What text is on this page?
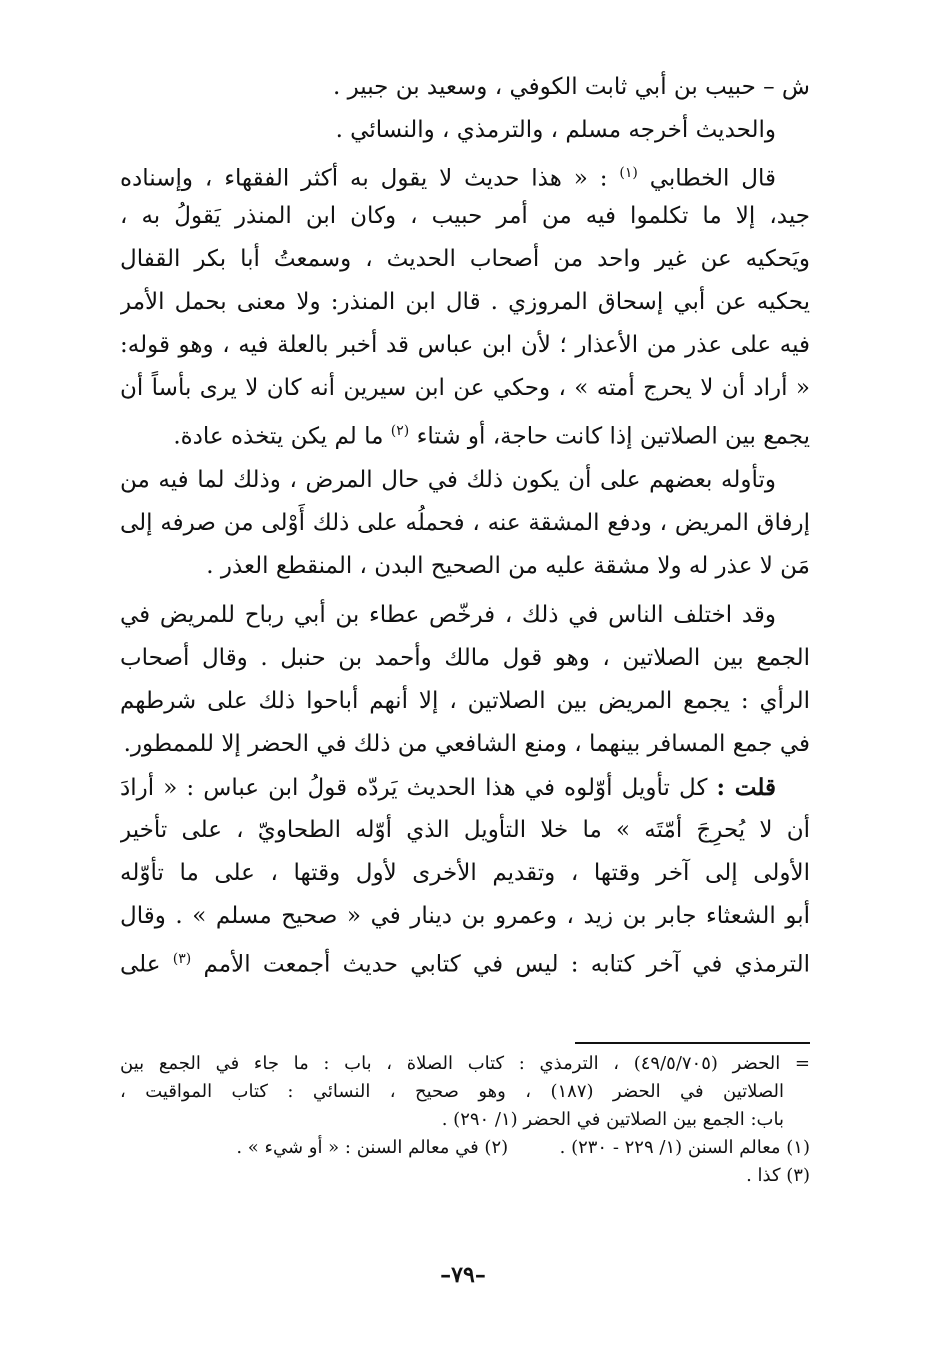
ش – حبيب بن أبي ثابت الكوفي ، وسعيد بن جبير .
والحديث أخرجه مسلم ، والترمذي ، والنسائي .
قال الخطابي $^{(١)}$ : « هذا حديث لا يقول به أكثر الفقهاء ، وإسناده
جيد، إلا ما تكلموا فيه من أمر حبيب ، وكان ابن المنذر يَقولُ به ،
ويَحكيه عن غير واحد من أصحاب الحديث ، وسمعتُ أبا بكر القفال
يحكيه عن أبي إسحاق المروزي . قال ابن المنذر: ولا معنى بحمل الأمر
فيه على عذر من الأعذار ؛ لأن ابن عباس قد أخبر بالعلة فيه ، وهو قوله:
« أراد أن لا يحرج أمته » ، وحكي عن ابن سيرين أنه كان لا يرى بأساً أن
يجمع بين الصلاتين إذا كانت حاجة، أو شتاء $^{(٢)}$ ما لم يكن يتخذه عادة.
وتأوله بعضهم على أن يكون ذلك في حال المرض ، وذلك لما فيه من
إرفاق المريض ، ودفع المشقة عنه ، فحملُه على ذلك أَوْلى من صرفه إلى
مَن لا عذر له ولا مشقة عليه من الصحيح البدن ، المنقطع العذر .
وقد اختلف الناس في ذلك ، فرخّص عطاء بن أبي رباح للمريض في
الجمع بين الصلاتين ، وهو قول مالك وأحمد بن حنبل . وقال أصحاب
الرأي : يجمع المريض بين الصلاتين ، إلا أنهم أباحوا ذلك على شرطهم
في جمع المسافر بينهما ، ومنع الشافعي من ذلك في الحضر إلا للممطور.
قلت : كل تأويل أوّلوه في هذا الحديث يَردّه قولُ ابن عباس : « أرادَ
أن لا يُحرِجَ أمّتَه » ما خلا التأويل الذي أوّله الطحاويّ ، على تأخير
الأولى إلى آخر وقتها ، وتقديم الأخرى لأول وقتها ، على ما تأوّله
أبو الشعثاء جابر بن زيد ، وعمرو بن دينار في « صحيح مسلم » . وقال
الترمذي في آخر كتابه : ليس في كتابي حديث أجمعت الأمم $^{(٣)}$ على
= الحضر (٤٩/٥/٧٠٥) ، الترمذي : كتاب الصلاة ، باب : ما جاء في الجمع بين
الصلاتين في الحضر (١٨٧) ، وهو صحيح ، النسائي : كتاب المواقيت ،
باب: الجمع بين الصلاتين في الحضر (١/ ٢٩٠) .
(١) معالم السنن (١/ ٢٢٩ - ٢٣٠) .  (٢) في معالم السنن : « أو شيء » .
(٣) كذا .
–٧٩–
